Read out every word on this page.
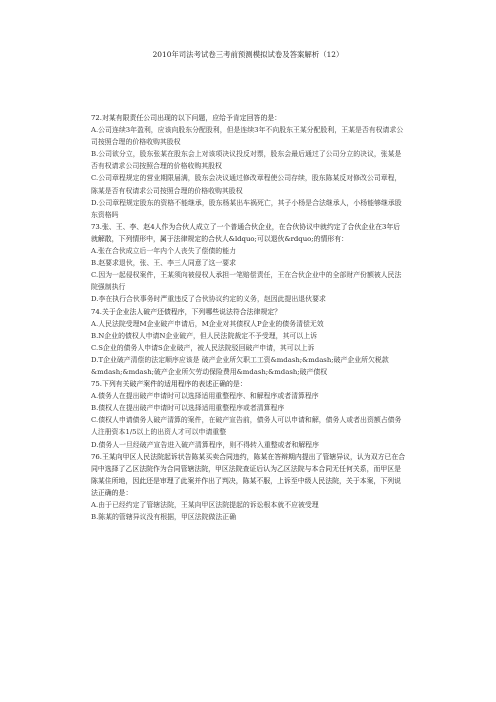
2010年司法考试卷三考前预测模拟试卷及答案解析（12）

72.对某有限责任公司出现的以下问题，应给予肯定回答的是：

A.公司连续3年盈利，应该向股东分配股利，但是连续3年不向股东王某分配股利，王某是否有权请求公司按照合理的价格收购其股权

B.公司欲分立，股东张某在股东会上对该项决议投反对票，股东会最后通过了公司分立的决议，张某是否有权请求公司按照合理的价格收购其股权

C.公司章程规定的营业期限届满，股东会决议通过修改章程使公司存续，股东陈某反对修改公司章程，陈某是否有权请求公司按照合理的价格收购其股权

D.公司章程规定股东的资格不能继承，股东杨某出车祸死亡，其子小杨是合法继承人，小杨能够继承股东资格吗

73.张、王、李、赵4人作为合伙人成立了一个普通合伙企业，在合伙协议中就约定了合伙企业在3年后就解散，下列情形中，属于法律规定的合伙人&ldquo;可以退伙&rdquo;的情形有：

A.张在合伙成立后一年内个人丧失了偿债的能力

B.赵要求退伙，张、王、李三人同意了这一要求

C.因为一起侵权案件，王某须向被侵权人承担一笔赔偿责任，王在合伙企业中的全部财产份额被人民法院强制执行

D.李在执行合伙事务时严重违反了合伙协议约定的义务，赵因此提出退伙要求

74.关于企业法人破产还债程序，下列哪些说法符合法律规定？

A.人民法院受理M企业破产申请后，M企业对其债权人P企业的债务清偿无效

B.N企业的债权人申请N企业破产，但人民法院裁定不予受理，其可以上诉

C.S企业的债务人申请S企业破产，被人民法院驳回破产申请，其可以上诉

D.T企业破产清偿的法定顺序应该是 破产企业所欠职工工资&mdash;&mdash;破产企业所欠税款&mdash;&mdash;破产企业所欠劳动保险费用&mdash;&mdash;破产债权

75.下列有关破产案件的适用程序的表述正确的是：

A.债务人在提出破产申请时可以选择适用重整程序、和解程序或者清算程序

B.债权人在提出破产申请时可以选择适用重整程序或者清算程序

C.债权人申请债务人破产清算的案件，在破产宣告前，债务人可以申请和解，债务人或者出资额占债务人注册资本1/5以上的出资人才可以申请重整

D.债务人一旦经破产宣告进入破产清算程序，则不得转入重整或者和解程序

76.王某向甲区人民法院起诉状告陈某买卖合同违约，陈某在答辩期内提出了管辖异议，认为双方已在合同中选择了乙区法院作为合同管辖法院，甲区法院查证后认为乙区法院与本合同无任何关系，而甲区是陈某住所地，因此还是审理了此案并作出了判决，陈某不服，上诉至中级人民法院，关于本案，下列说法正确的是：

A.由于已经约定了管辖法院，王某向甲区法院提起的诉讼根本就不应被受理

B.陈某的管辖异议没有根据，甲区法院做法正确
